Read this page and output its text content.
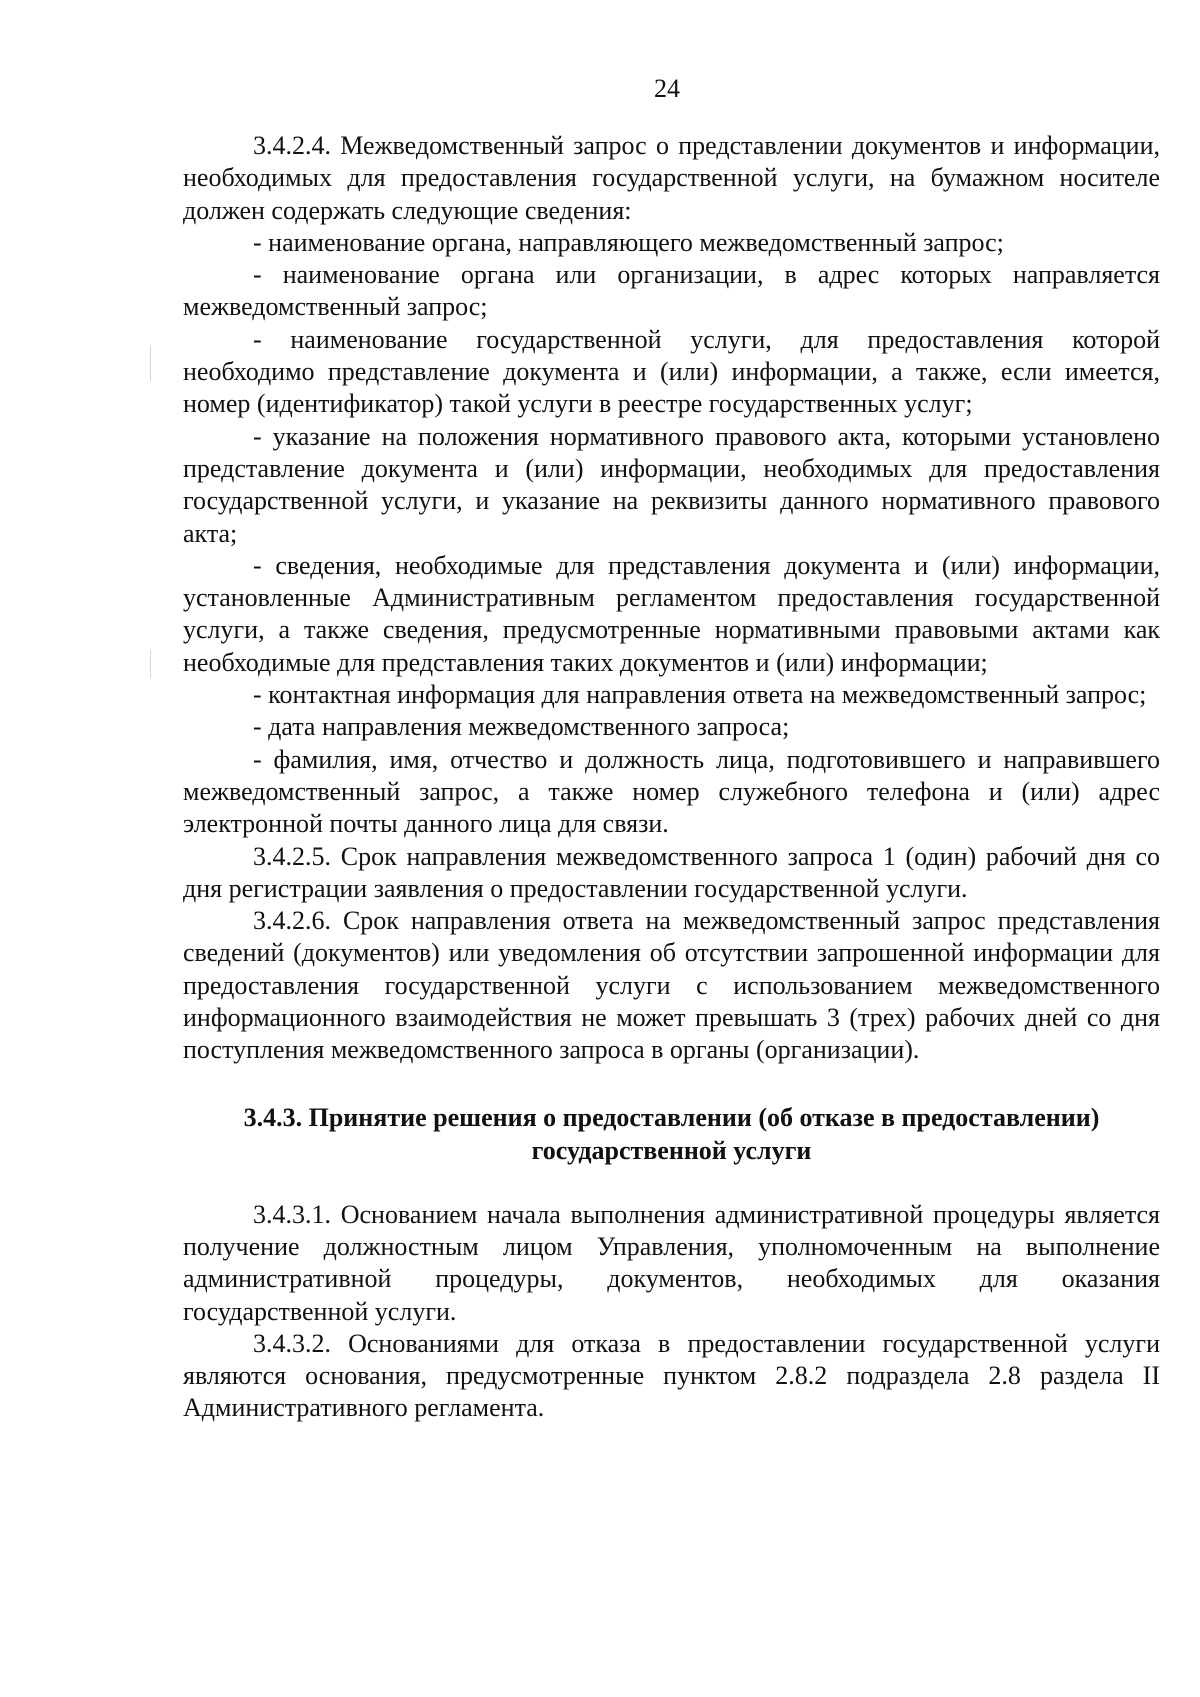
24

3.4.2.4. Межведомственный запрос о представлении документов и информации, необходимых для предоставления государственной услуги, на бумажном носителе должен содержать следующие сведения:

- наименование органа, направляющего межведомственный запрос;

- наименование органа или организации, в адрес которых направляется межведомственный запрос;

- наименование государственной услуги, для предоставления которой необходимо представление документа и (или) информации, а также, если имеется, номер (идентификатор) такой услуги в реестре государственных услуг;

- указание на положения нормативного правового акта, которыми установлено представление документа и (или) информации, необходимых для предоставления государственной услуги, и указание на реквизиты данного нормативного правового акта;

- сведения, необходимые для представления документа и (или) информации, установленные Административным регламентом предоставления государственной услуги, а также сведения, предусмотренные нормативными правовыми актами как необходимые для представления таких документов и (или) информации;

- контактная информация для направления ответа на межведомственный запрос;

- дата направления межведомственного запроса;

- фамилия, имя, отчество и должность лица, подготовившего и направившего межведомственный запрос, а также номер служебного телефона и (или) адрес электронной почты данного лица для связи.

3.4.2.5. Срок направления межведомственного запроса 1 (один) рабочий дня со дня регистрации заявления о предоставлении государственной услуги.

3.4.2.6. Срок направления ответа на межведомственный запрос представления сведений (документов) или уведомления об отсутствии запрошенной информации для предоставления государственной услуги с использованием межведомственного информационного взаимодействия не может превышать 3 (трех) рабочих дней со дня поступления межведомственного запроса в органы (организации).

3.4.3. Принятие решения о предоставлении (об отказе в предоставлении) государственной услуги

3.4.3.1. Основанием начала выполнения административной процедуры является получение должностным лицом Управления, уполномоченным на выполнение административной процедуры, документов, необходимых для оказания государственной услуги.

3.4.3.2. Основаниями для отказа в предоставлении государственной услуги являются основания, предусмотренные пунктом 2.8.2 подраздела 2.8 раздела II Административного регламента.
